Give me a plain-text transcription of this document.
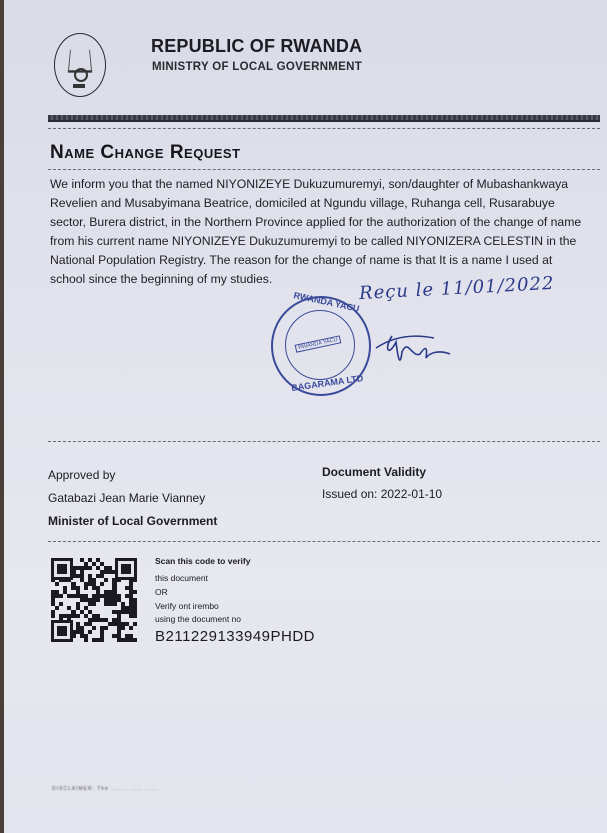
REPUBLIC OF RWANDA
MINISTRY OF LOCAL GOVERNMENT
Name Change Request
We inform you that the named NIYONIZEYE Dukuzumuremyi, son/daughter of Mubashankwaya
Revelien and Musabyimana Beatrice, domiciled at Ngundu village, Ruhanga cell, Rusarabuye
sector, Burera district, in the Northern Province applied for the authorization of the change of name
from his current name NIYONIZEYE Dukuzumuremyi to be called NIYONIZERA CELESTIN in the
National Population Registry. The reason for the change of name is that It is a name I used at
school since the beginning of my studies.	Reçu le 11/01/2022
RWANDA YACU
RWANDA YACU
BAGARAMA LTD
Approved by
Gatabazi Jean Marie Vianney
Minister of Local Government
Document Validity
Issued on: 2022-01-10
Scan this code to verify
this document
OR
Verify ont irembo
using the document no
B211229133949PHDD
DISCLAIMER: The ....... ..... ......
